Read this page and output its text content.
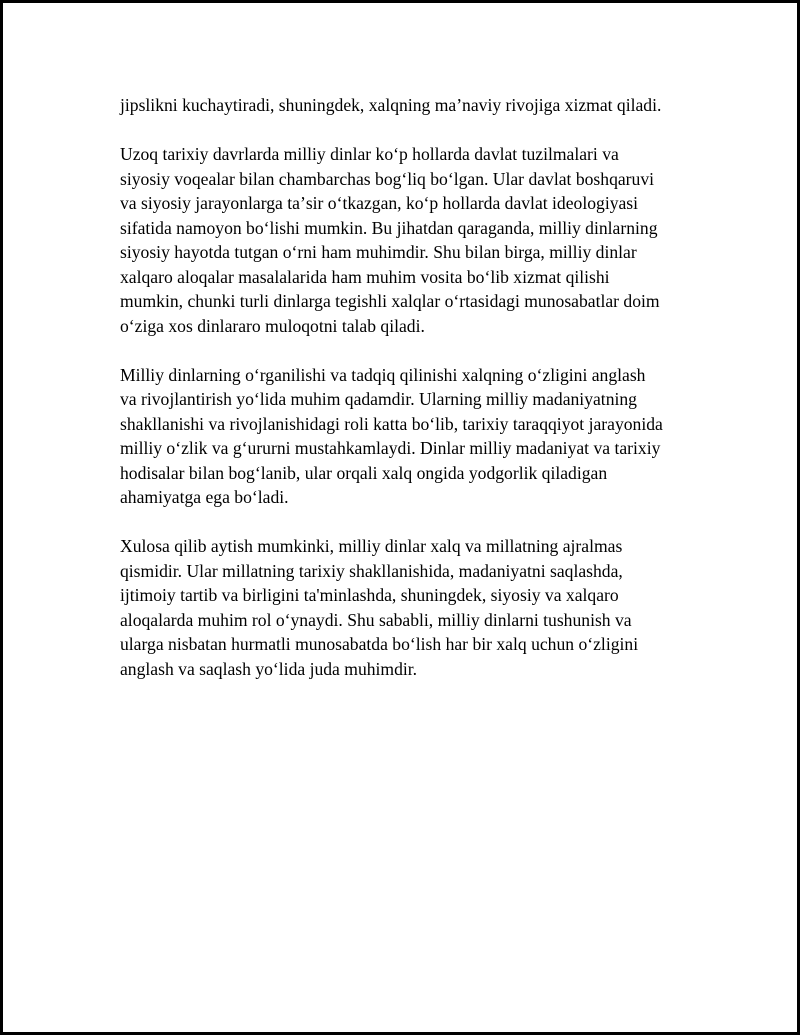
jipslikni kuchaytiradi, shuningdek, xalqning ma’naviy rivojiga xizmat qiladi.
Uzoq tarixiy davrlarda milliy dinlar koʻp hollarda davlat tuzilmalari va
siyosiy voqealar bilan chambarchas bogʻliq boʻlgan. Ular davlat boshqaruvi
va siyosiy jarayonlarga taʼsir oʻtkazgan, koʻp hollarda davlat ideologiyasi
sifatida namoyon boʻlishi mumkin. Bu jihatdan qaraganda, milliy dinlarning
siyosiy hayotda tutgan oʻrni ham muhimdir. Shu bilan birga, milliy dinlar
xalqaro aloqalar masalalarida ham muhim vosita boʻlib xizmat qilishi
mumkin, chunki turli dinlarga tegishli xalqlar oʻrtasidagi munosabatlar doim
oʻziga xos dinlararo muloqotni talab qiladi.
Milliy dinlarning oʻrganilishi va tadqiq qilinishi xalqning oʻzligini anglash
va rivojlantirish yoʻlida muhim qadamdir. Ularning milliy madaniyatning
shakllanishi va rivojlanishidagi roli katta boʻlib, tarixiy taraqqiyot jarayonida
milliy oʻzlik va gʻururni mustahkamlaydi. Dinlar milliy madaniyat va tarixiy
hodisalar bilan bogʻlanib, ular orqali xalq ongida yodgorlik qiladigan
ahamiyatga ega boʻladi.
Xulosa qilib aytish mumkinki, milliy dinlar xalq va millatning ajralmas
qismidir. Ular millatning tarixiy shakllanishida, madaniyatni saqlashda,
ijtimoiy tartib va birligini ta'minlashda, shuningdek, siyosiy va xalqaro
aloqalarda muhim rol oʻynaydi. Shu sababli, milliy dinlarni tushunish va
ularga nisbatan hurmatli munosabatda boʻlish har bir xalq uchun oʻzligini
anglash va saqlash yoʻlida juda muhimdir.
